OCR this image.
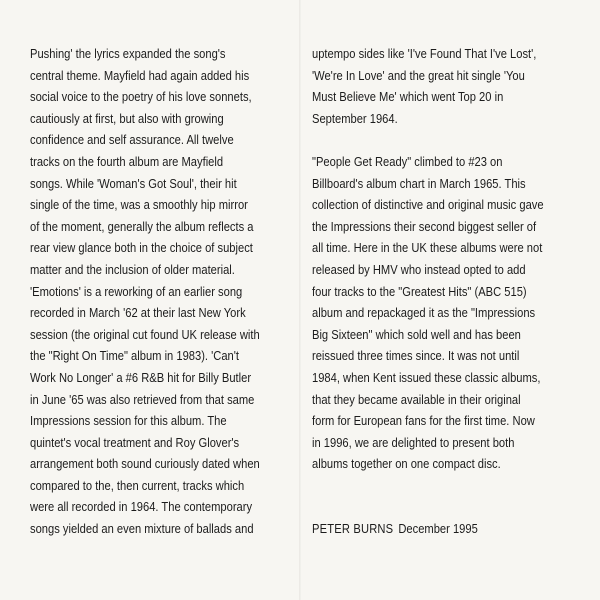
Pushing' the lyrics expanded the song's
central theme. Mayfield had again added his
social voice to the poetry of his love sonnets,
cautiously at first, but also with growing
confidence and self assurance. All twelve
tracks on the fourth album are Mayfield
songs. While 'Woman's Got Soul', their hit
single of the time, was a smoothly hip mirror
of the moment, generally the album reflects a
rear view glance both in the choice of subject
matter and the inclusion of older material.
'Emotions' is a reworking of an earlier song
recorded in March '62 at their last New York
session (the original cut found UK release with
the "Right On Time" album in 1983). 'Can't
Work No Longer' a #6 R&B hit for Billy Butler
in June '65 was also retrieved from that same
Impressions session for this album. The
quintet's vocal treatment and Roy Glover's
arrangement both sound curiously dated when
compared to the, then current, tracks which
were all recorded in 1964. The contemporary
songs yielded an even mixture of ballads and
uptempo sides like 'I've Found That I've Lost',
'We're In Love' and the great hit single 'You
Must Believe Me' which went Top 20 in
September 1964.
"People Get Ready" climbed to #23 on
Billboard's album chart in March 1965. This
collection of distinctive and original music gave
the Impressions their second biggest seller of
all time. Here in the UK these albums were not
released by HMV who instead opted to add
four tracks to the "Greatest Hits" (ABC 515)
album and repackaged it as the "Impressions
Big Sixteen" which sold well and has been
reissued three times since. It was not until
1984, when Kent issued these classic albums,
that they became available in their original
form for European fans for the first time. Now
in 1996, we are delighted to present both
albums together on one compact disc.
PETER BURNS December 1995
